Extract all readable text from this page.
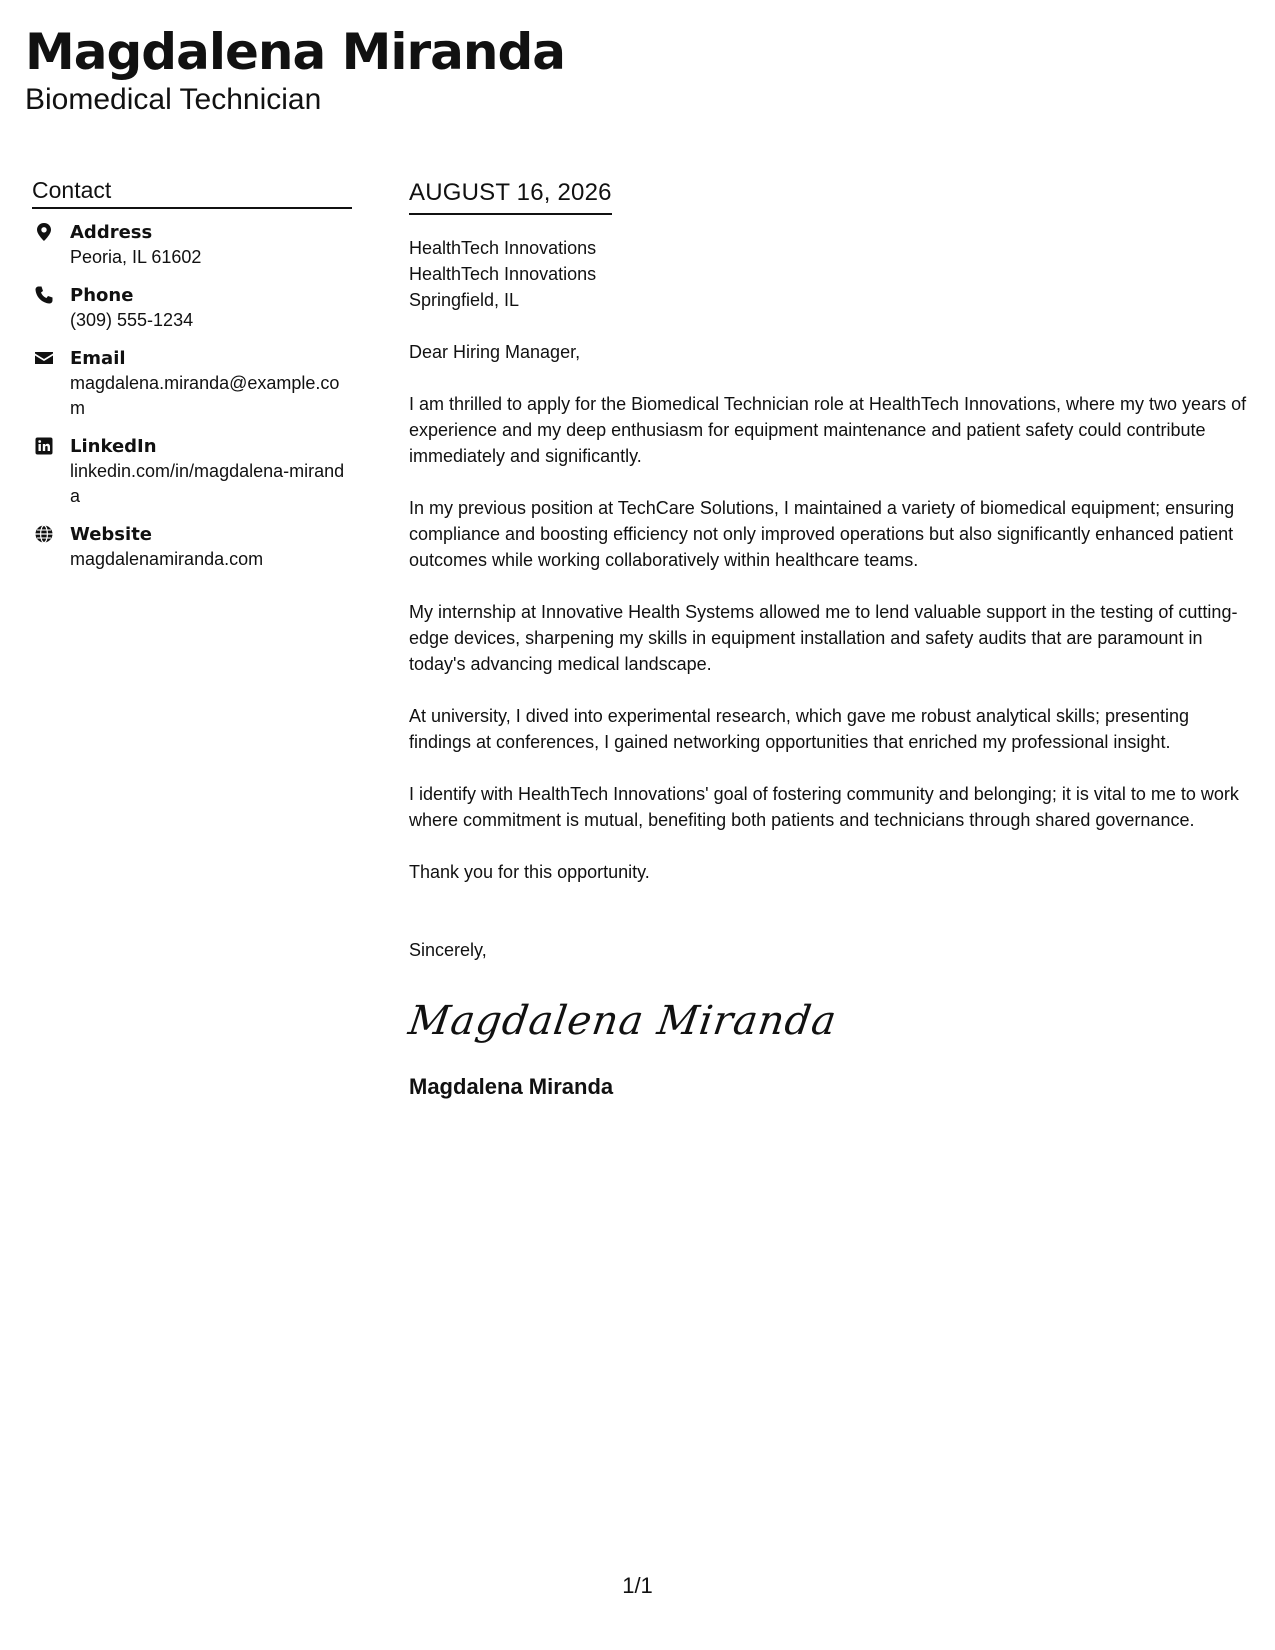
Magdalena Miranda
Biomedical Technician
Contact
Address
Peoria, IL 61602
Phone
(309) 555-1234
Email
magdalena.miranda@example.com
LinkedIn
linkedin.com/in/magdalena-miranda
Website
magdalenamiranda.com
AUGUST 16, 2026
HealthTech Innovations
HealthTech Innovations
Springfield, IL
Dear Hiring Manager,
I am thrilled to apply for the Biomedical Technician role at HealthTech Innovations, where my two years of experience and my deep enthusiasm for equipment maintenance and patient safety could contribute immediately and significantly.
In my previous position at TechCare Solutions, I maintained a variety of biomedical equipment; ensuring compliance and boosting efficiency not only improved operations but also significantly enhanced patient outcomes while working collaboratively within healthcare teams.
My internship at Innovative Health Systems allowed me to lend valuable support in the testing of cutting-edge devices, sharpening my skills in equipment installation and safety audits that are paramount in today's advancing medical landscape.
At university, I dived into experimental research, which gave me robust analytical skills; presenting findings at conferences, I gained networking opportunities that enriched my professional insight.
I identify with HealthTech Innovations' goal of fostering community and belonging; it is vital to me to work where commitment is mutual, benefiting both patients and technicians through shared governance.
Thank you for this opportunity.
Sincerely,
Magdalena Miranda
Magdalena Miranda
1/1
